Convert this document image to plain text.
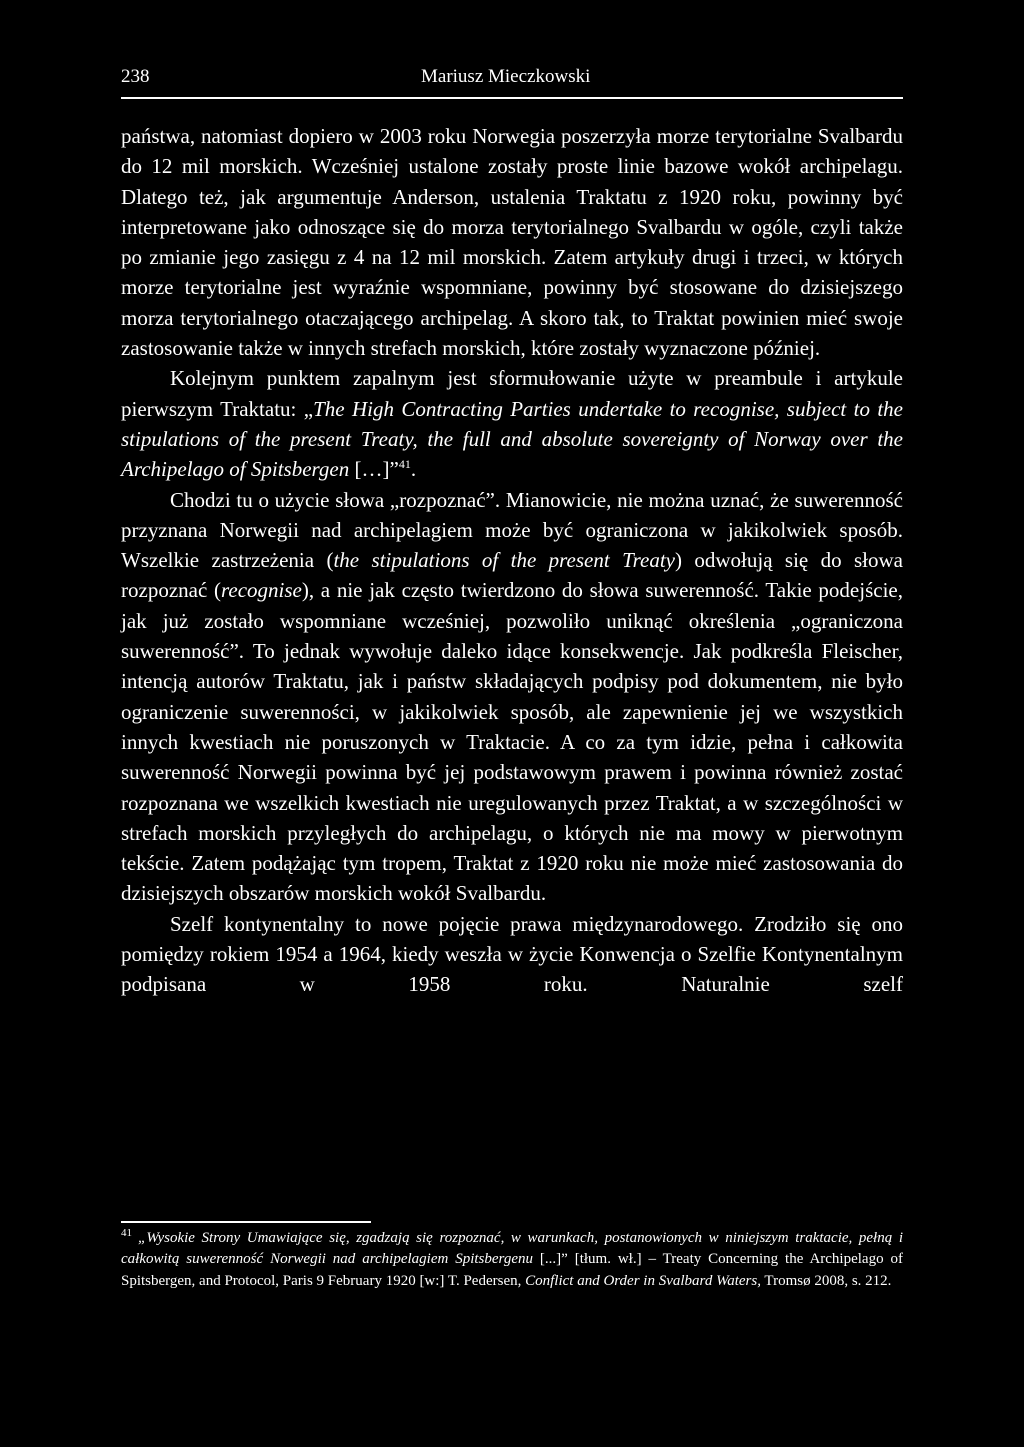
238	Mariusz Mieczkowski

państwa, natomiast dopiero w 2003 roku Norwegia poszerzyła morze terytorialne Svalbardu do 12 mil morskich. Wcześniej ustalone zostały proste linie bazowe wokół archipelagu. Dlatego też, jak argumentuje Anderson, ustalenia Traktatu z 1920 roku, powinny być interpretowane jako odnoszące się do morza terytorialnego Svalbardu w ogóle, czyli także po zmianie jego zasięgu z 4 na 12 mil morskich. Zatem artykuły drugi i trzeci, w których morze terytorialne jest wyraźnie wspomniane, powinny być stosowane do dzisiejszego morza terytorialnego otaczającego archipelag. A skoro tak, to Traktat powinien mieć swoje zastosowanie także w innych strefach morskich, które zostały wyznaczone później.

Kolejnym punktem zapalnym jest sformułowanie użyte w preambule i artykule pierwszym Traktatu: „The High Contracting Parties undertake to recognise, subject to the stipulations of the present Treaty, the full and absolute sovereignty of Norway over the Archipelago of Spitsbergen […]”$^{41}$.

Chodzi tu o użycie słowa „rozpoznać”. Mianowicie, nie można uznać, że suwerenność przyznana Norwegii nad archipelagiem może być ograniczona w jakikolwiek sposób. Wszelkie zastrzeżenia (the stipulations of the present Treaty) odwołują się do słowa rozpoznać (recognise), a nie jak często twierdzono do słowa suwerenność. Takie podejście, jak już zostało wspomniane wcześniej, pozwoliło uniknąć określenia „ograniczona suwerenność”. To jednak wywołuje daleko idące konsekwencje. Jak podkreśla Fleischer, intencją autorów Traktatu, jak i państw składających podpisy pod dokumentem, nie było ograniczenie suwerenności, w jakikolwiek sposób, ale zapewnienie jej we wszystkich innych kwestiach nie poruszonych w Traktacie. A co za tym idzie, pełna i całkowita suwerenność Norwegii powinna być jej podstawowym prawem i powinna również zostać rozpoznana we wszelkich kwestiach nie uregulowanych przez Traktat, a w szczególności w strefach morskich przyległych do archipelagu, o których nie ma mowy w pierwotnym tekście. Zatem podążając tym tropem, Traktat z 1920 roku nie może mieć zastosowania do dzisiejszych obszarów morskich wokół Svalbardu.

Szelf kontynentalny to nowe pojęcie prawa międzynarodowego. Zrodziło się ono pomiędzy rokiem 1954 a 1964, kiedy weszła w życie Konwencja o Szelfie Kontynentalnym podpisana w 1958 roku. Naturalnie szelf

$^{41}$ „Wysokie Strony Umawiające się, zgadzają się rozpoznać, w warunkach, postanowionych w niniejszym traktacie, pełną i całkowitą suwerenność Norwegii nad archipelagiem Spitsbergenu [...]” [tłum. wł.] – Treaty Concerning the Archipelago of Spitsbergen, and Protocol, Paris 9 February 1920 [w:] T. Pedersen, Conflict and Order in Svalbard Waters, Tromsø 2008, s. 212.
